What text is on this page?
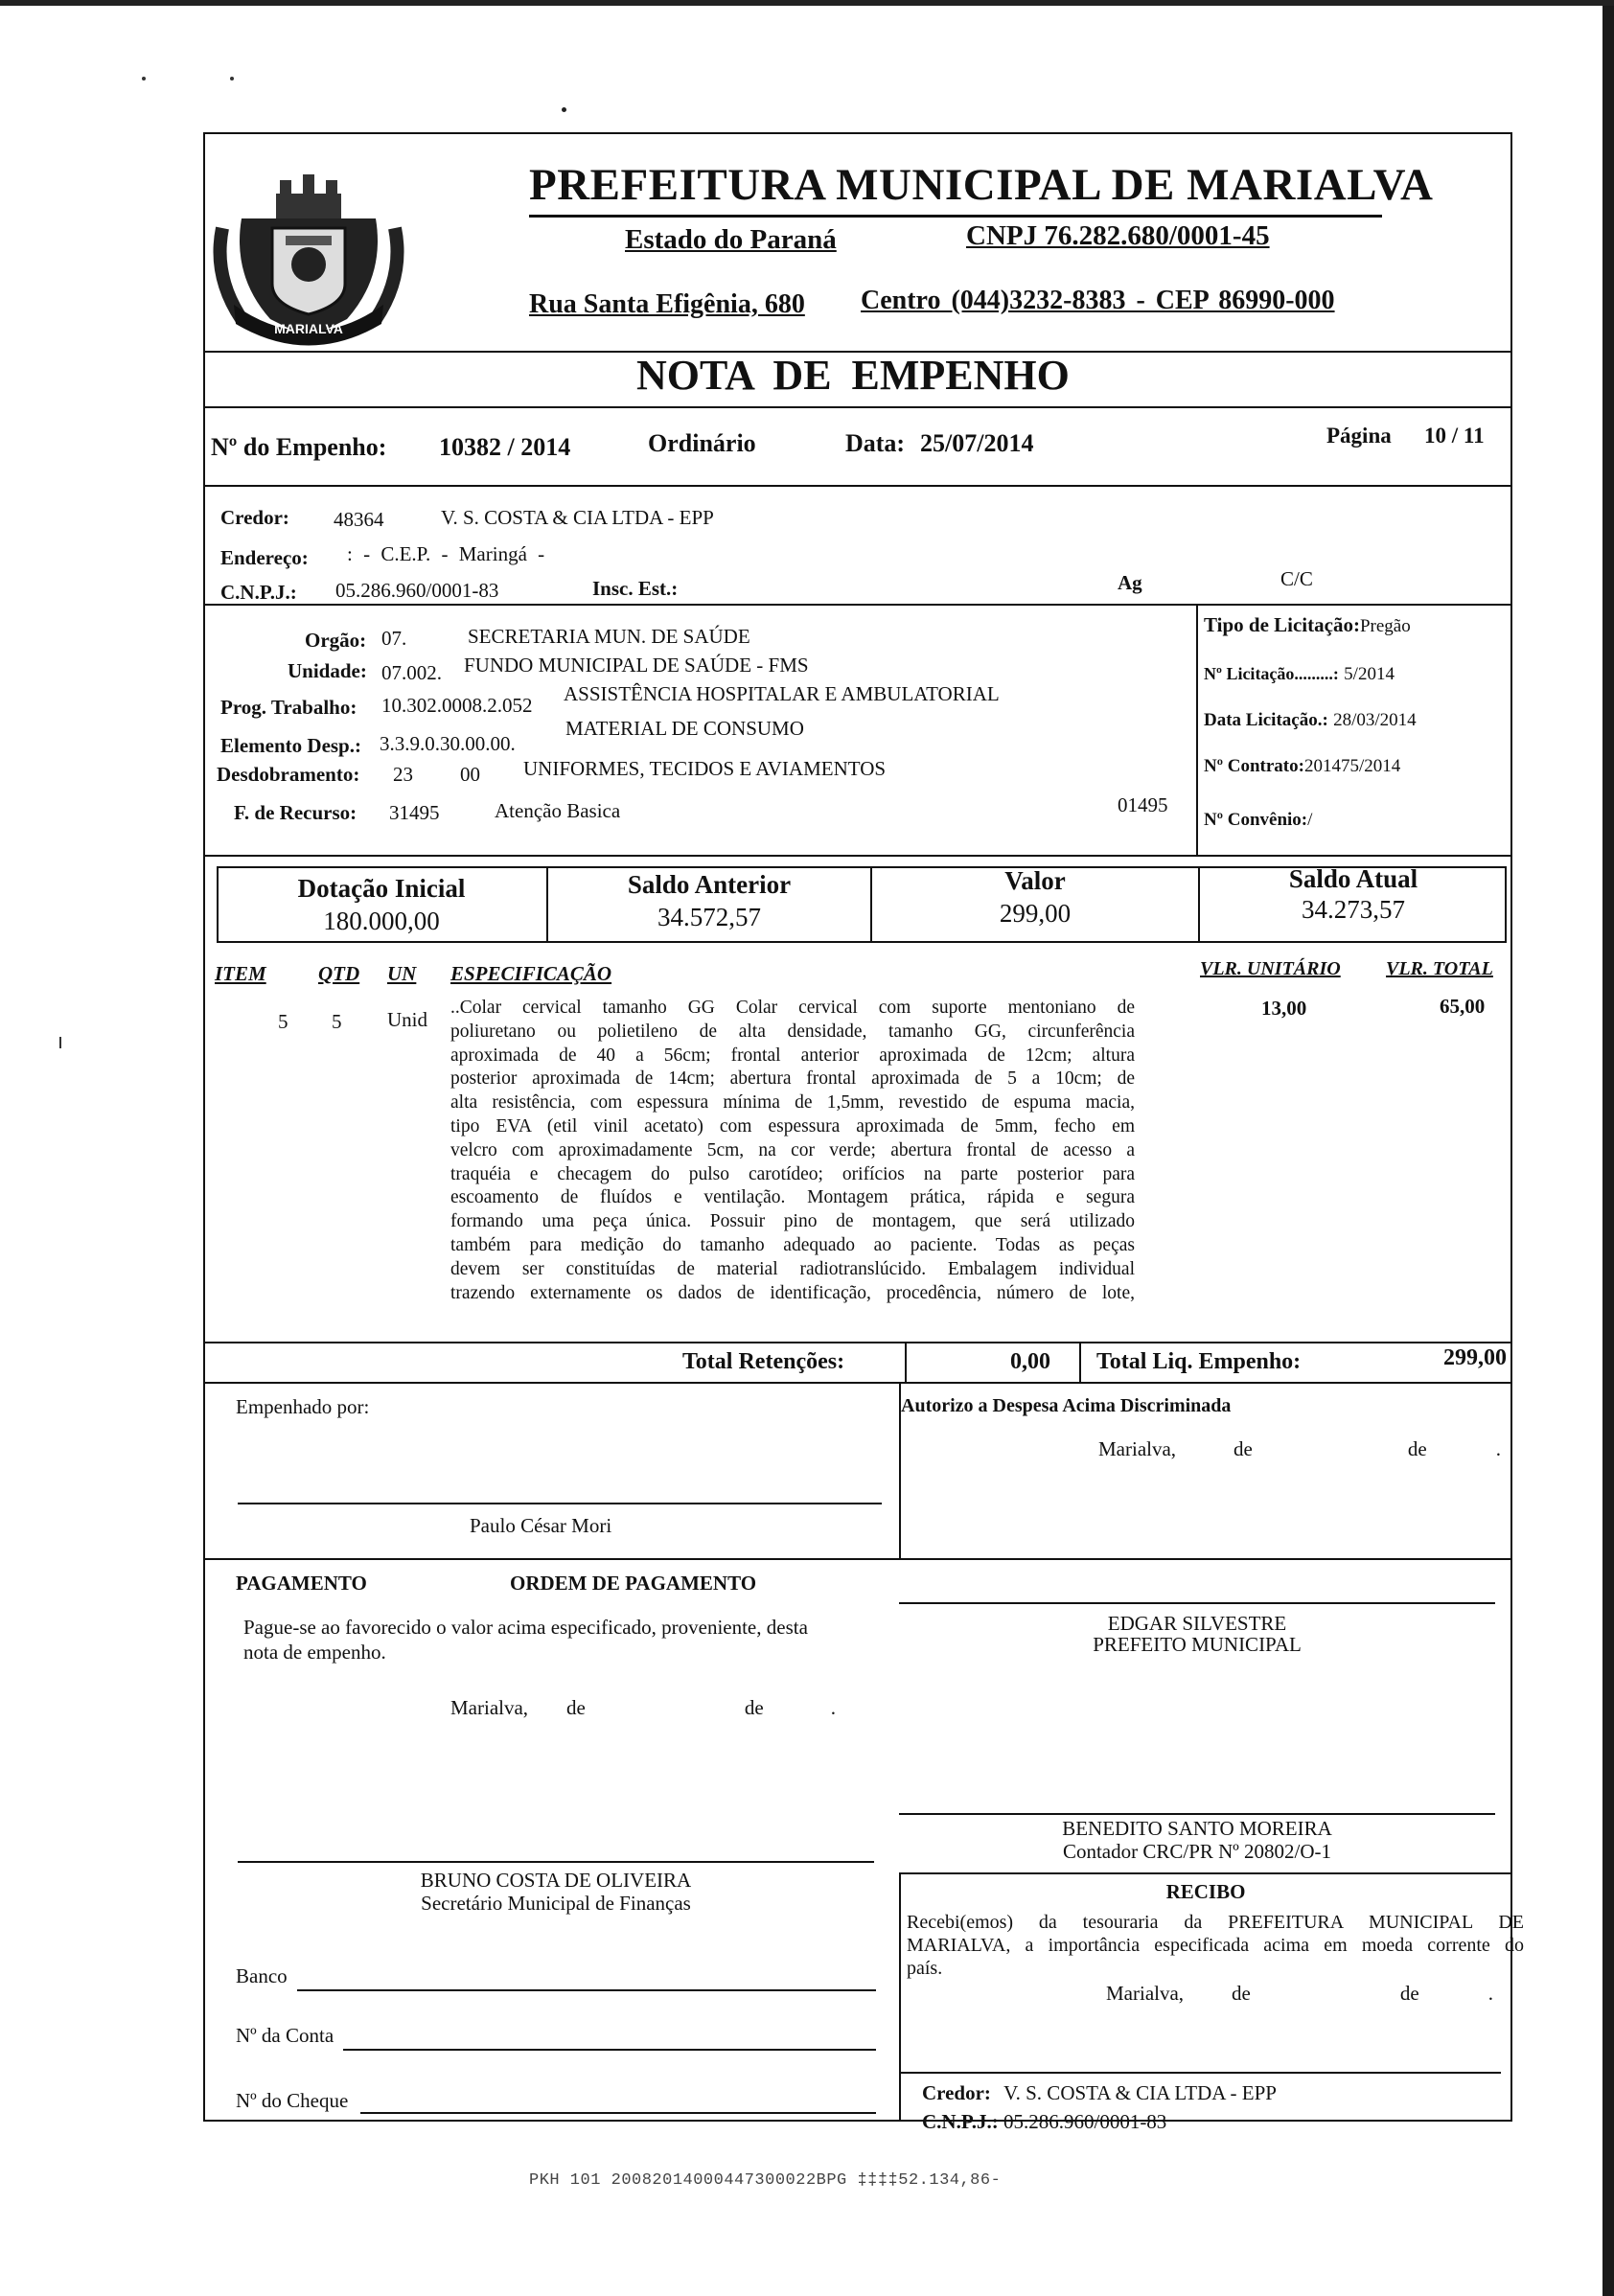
MARIALVA
PREFEITURA MUNICIPAL DE MARIALVA
Estado do Paraná	CNPJ 76.282.680/0001-45
Rua Santa Efigênia, 680 Centro (044)3232-8383 - CEP 86990-000
NOTA DE EMPENHO
Nº do Empenho: 10382 / 2014	Ordinário	Data: 25/07/2014	Página 10 / 11
Credor: 48364	V. S. COSTA & CIA LTDA - EPP
Endereço: : - C.E.P. - Maringá -
C.N.P.J.: 05.286.960/0001-83	Insc. Est.:	Ag	C/C
Orgão: 07.	SECRETARIA MUN. DE SAÚDE
Unidade: 07.002. FUNDO MUNICIPAL DE SAÚDE - FMS
Prog. Trabalho: 10.302.0008.2.052 ASSISTÊNCIA HOSPITALAR E AMBULATORIAL
Elemento Desp.: 3.3.9.0.30.00.00.
MATERIAL DE CONSUMO
Desdobramento: 23 00 UNIFORMES, TECIDOS E AVIAMENTOS
F. de Recurso: 31495	Atenção Basica	01495
Tipo de Licitação:Pregão
Nº Licitação.........: 5/2014
Data Licitação.: 28/03/2014
Nº Contrato:201475/2014
Nº Convênio:/
Dotação Inicial
180.000,00
Saldo Anterior
34.572,57
Valor
299,00
Saldo Atual
34.273,57
ITEM	QTD UN ESPECIFICAÇÃO	VLR. UNITÁRIO VLR. TOTAL
5 5 Unid	13,00	65,00
..Colar cervical tamanho GG Colar cervical com suporte mentoniano de
poliuretano ou polietileno de alta densidade, tamanho GG, circunferência
aproximada de 40 a 56cm; frontal anterior aproximada de 12cm; altura
posterior aproximada de 14cm; abertura frontal aproximada de 5 a 10cm; de
alta resistência, com espessura mínima de 1,5mm, revestido de espuma macia,
tipo EVA (etil vinil acetato) com espessura aproximada de 5mm, fecho em
velcro com aproximadamente 5cm, na cor verde; abertura frontal de acesso a
traquéia e checagem do pulso carotídeo; orifícios na parte posterior para
escoamento de fluídos e ventilação. Montagem prática, rápida e segura
formando uma peça única. Possuir pino de montagem, que será utilizado
também para medição do tamanho adequado ao paciente. Todas as peças
devem ser constituídas de material radiotranslúcido. Embalagem individual
trazendo externamente os dados de identificação, procedência, número de lote,
Total Retenções:	0,00 Total Liq. Empenho:	299,00
Empenhado por:
Paulo César Mori
Autorizo a Despesa Acima Discriminada
Marialva,	de	de	.
PAGAMENTO	ORDEM DE PAGAMENTO
Pague-se ao favorecido o valor acima especificado, proveniente, desta
nota de empenho.
Marialva, de	de	.
EDGAR SILVESTRE
PREFEITO MUNICIPAL
BENEDITO SANTO MOREIRA
Contador CRC/PR Nº 20802/O-1
BRUNO COSTA DE OLIVEIRA
Secretário Municipal de Finanças	RECIBO
Recebi(emos) da tesouraria da PREFEITURA MUNICIPAL DE
MARIALVA, a importância especificada acima em moeda corrente do
país.
Marialva, de	de	.
Credor: V. S. COSTA & CIA LTDA - EPP
C.N.P.J.: 05.286.960/0001-83
Banco
Nº da Conta
Nº do Cheque
PKH 101 20082014000447300022BPG ‡‡‡‡52.134,86-
